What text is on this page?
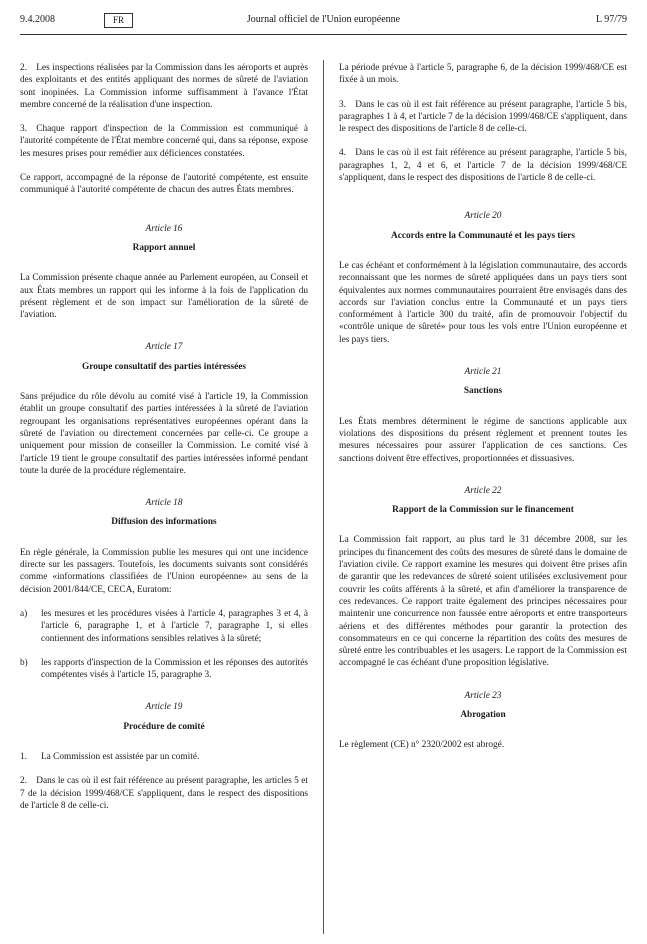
9.4.2008	FR	Journal officiel de l'Union européenne	L 97/79

2. Les inspections réalisées par la Commission dans les aéroports et auprès des exploitants et des entités appliquant des normes de sûreté de l'aviation sont inopinées. La Commission informe suffisamment à l'avance l'État membre concerné de la réalisation d'une inspection.

3. Chaque rapport d'inspection de la Commission est communiqué à l'autorité compétente de l'État membre concerné qui, dans sa réponse, expose les mesures prises pour remédier aux déficiences constatées.

Ce rapport, accompagné de la réponse de l'autorité compétente, est ensuite communiqué à l'autorité compétente de chacun des autres États membres.

Article 16
Rapport annuel

La Commission présente chaque année au Parlement européen, au Conseil et aux États membres un rapport qui les informe à la fois de l'application du présent règlement et de son impact sur l'amélioration de la sûreté de l'aviation.

Article 17
Groupe consultatif des parties intéressées

Sans préjudice du rôle dévolu au comité visé à l'article 19, la Commission établit un groupe consultatif des parties intéressées à la sûreté de l'aviation regroupant les organisations représentatives européennes opérant dans la sûreté de l'aviation ou directement concernées par celle-ci. Ce groupe a uniquement pour mission de conseiller la Commission. Le comité visé à l'article 19 tient le groupe consultatif des parties intéressées informé pendant toute la durée de la procédure réglementaire.

Article 18
Diffusion des informations

En règle générale, la Commission publie les mesures qui ont une incidence directe sur les passagers. Toutefois, les documents suivants sont considérés comme «informations classifiées de l'Union européenne» au sens de la décision 2001/844/CE, CECA, Euratom:

a) les mesures et les procédures visées à l'article 4, paragraphes 3 et 4, à l'article 6, paragraphe 1, et à l'article 7, paragraphe 1, si elles contiennent des informations sensibles relatives à la sûreté;
b) les rapports d'inspection de la Commission et les réponses des autorités compétentes visés à l'article 15, paragraphe 3.
Article 19
Procédure de comité
1. La Commission est assistée par un comité.

2. Dans le cas où il est fait référence au présent paragraphe, les articles 5 et 7 de la décision 1999/468/CE s'appliquent, dans le respect des dispositions de l'article 8 de celle-ci.

La période prévue à l'article 5, paragraphe 6, de la décision 1999/468/CE est fixée à un mois.

3. Dans le cas où il est fait référence au présent paragraphe, l'article 5 bis, paragraphes 1 à 4, et l'article 7 de la décision 1999/468/CE s'appliquent, dans le respect des dispositions de l'article 8 de celle-ci.

4. Dans le cas où il est fait référence au présent paragraphe, l'article 5 bis, paragraphes 1, 2, 4 et 6, et l'article 7 de la décision 1999/468/CE s'appliquent, dans le respect des dispositions de l'article 8 de celle-ci.

Article 20
Accords entre la Communauté et les pays tiers

Le cas échéant et conformément à la législation communautaire, des accords reconnaissant que les normes de sûreté appliquées dans un pays tiers sont équivalentes aux normes communautaires pourraient être envisagés dans des accords sur l'aviation conclus entre la Communauté et un pays tiers conformément à l'article 300 du traité, afin de promouvoir l'objectif du «contrôle unique de sûreté» pour tous les vols entre l'Union européenne et les pays tiers.

Article 21
Sanctions

Les États membres déterminent le régime de sanctions applicable aux violations des dispositions du présent règlement et prennent toutes les mesures nécessaires pour assurer l'application de ces sanctions. Ces sanctions doivent être effectives, proportionnées et dissuasives.

Article 22
Rapport de la Commission sur le financement

La Commission fait rapport, au plus tard le 31 décembre 2008, sur les principes du financement des coûts des mesures de sûreté dans le domaine de l'aviation civile. Ce rapport examine les mesures qui doivent être prises afin de garantir que les redevances de sûreté soient utilisées exclusivement pour couvrir les coûts afférents à la sûreté, et afin d'améliorer la transparence de ces redevances. Ce rapport traite également des principes nécessaires pour maintenir une concurrence non faussée entre aéroports et entre transporteurs aériens et des différentes méthodes pour garantir la protection des consommateurs en ce qui concerne la répartition des coûts des mesures de sûreté entre les contribuables et les usagers. Le rapport de la Commission est accompagné le cas échéant d'une proposition législative.

Article 23
Abrogation

Le règlement (CE) n° 2320/2002 est abrogé.
